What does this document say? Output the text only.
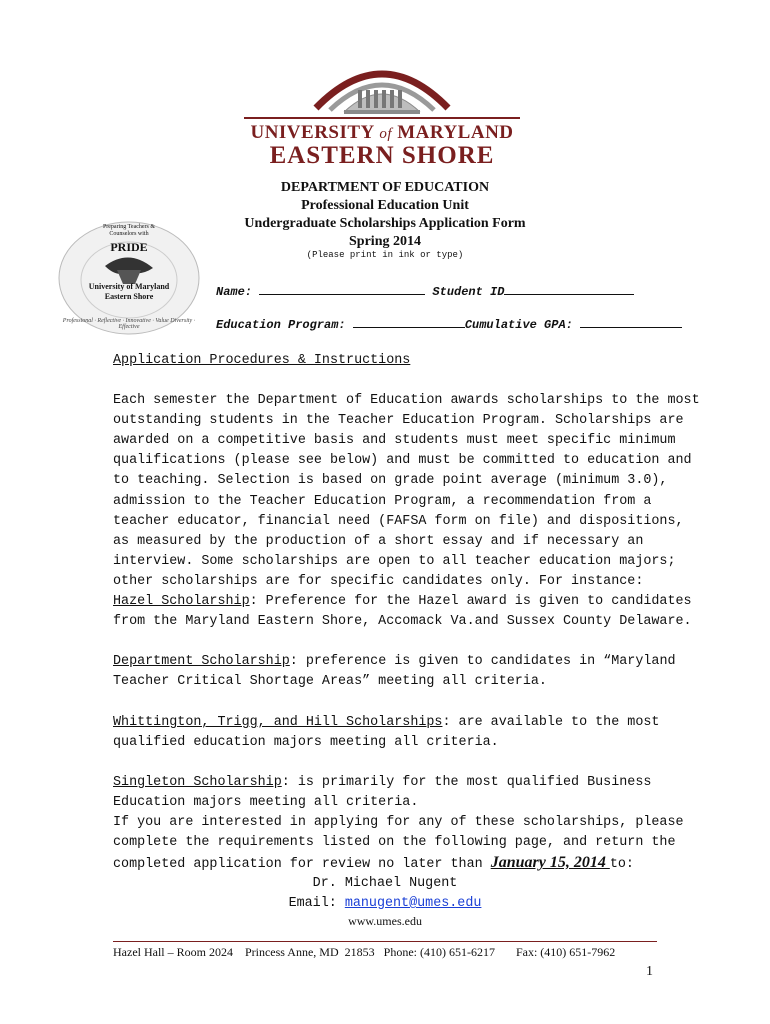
UNIVERSITY of MARYLAND
EASTERN SHORE
DEPARTMENT OF EDUCATION
Professional Education Unit
Undergraduate Scholarships Application Form
Spring 2014
(Please print in ink or type)
Preparing Teachers & Counselors with
PRIDE
University of Maryland
Eastern Shore
Professional · Reflective · Innovative · Value Diversity · Effective
Name:	Student ID
Education Program:	Cumulative GPA:
Application Procedures & Instructions

Each semester the Department of Education awards scholarships to the most
outstanding students in the Teacher Education Program. Scholarships are
awarded on a competitive basis and students must meet specific minimum
qualifications (please see below) and must be committed to education and
to teaching. Selection is based on grade point average (minimum 3.0),
admission to the Teacher Education Program, a recommendation from a
teacher educator, financial need (FAFSA form on file) and dispositions,
as measured by the production of a short essay and if necessary an
interview. Some scholarships are open to all teacher education majors;
other scholarships are for specific candidates only. For instance:

Hazel Scholarship: Preference for the Hazel award is given to candidates
from the Maryland Eastern Shore, Accomack Va.and Sussex County Delaware.
Department Scholarship: preference is given to candidates in “Maryland
Teacher Critical Shortage Areas” meeting all criteria.
Whittington, Trigg, and Hill Scholarships: are available to the most
qualified education majors meeting all criteria.
Singleton Scholarship: is primarily for the most qualified Business
Education majors meeting all criteria.
If you are interested in applying for any of these scholarships, please
complete the requirements listed on the following page, and return the
completed application for review no later than January 15, 2014 to:
Dr. Michael Nugent
Email: manugent@umes.edu
www.umes.edu
Hazel Hall – Room 2024    Princess Anne, MD  21853   Phone: (410) 651-6217       Fax: (410) 651-7962
1
